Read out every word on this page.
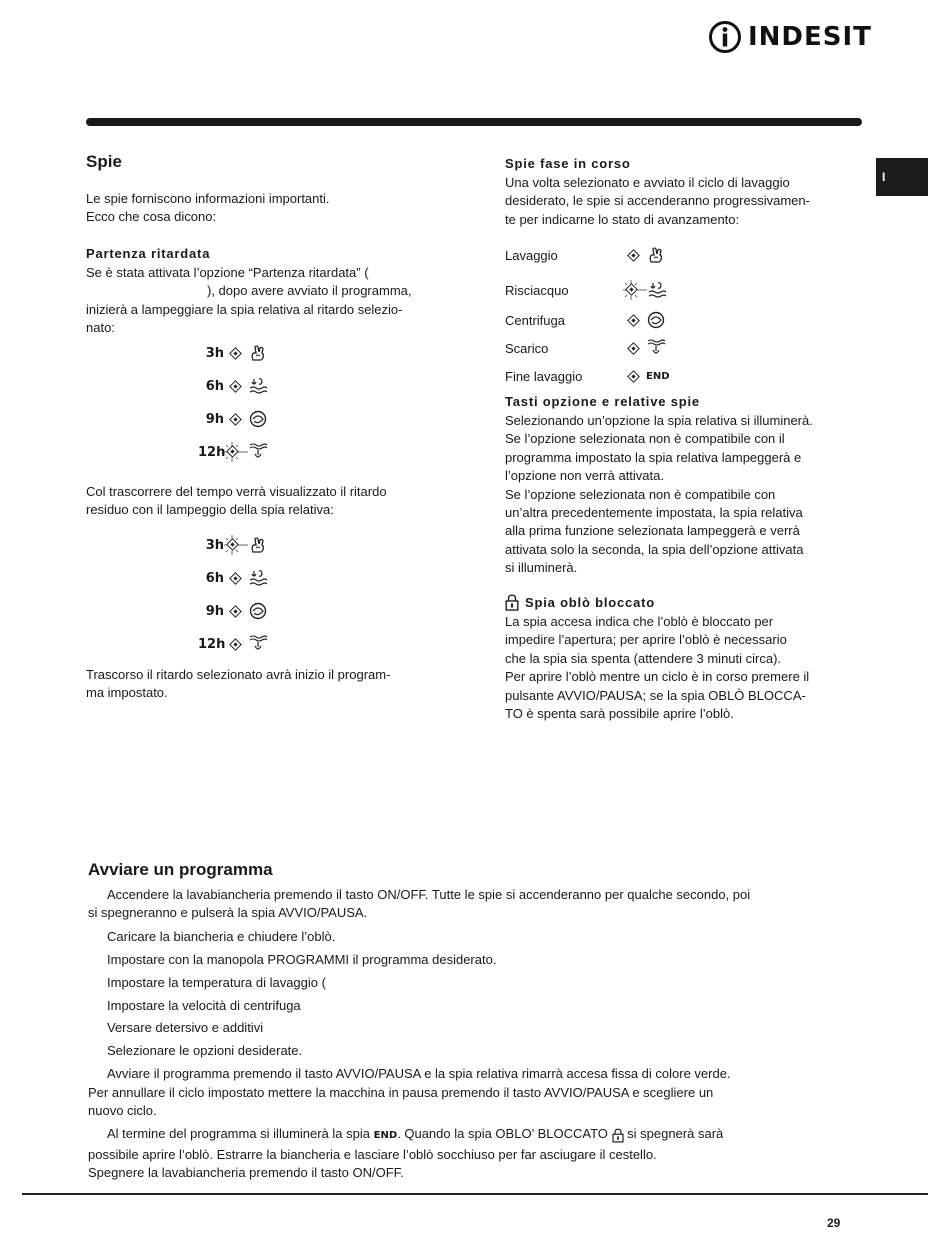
INDESIT
I
Spie

Le spie forniscono informazioni importanti.

Ecco che cosa dicono:

Partenza ritardata

Se è stata attivata l’opzione “Partenza ritardata” (

), dopo avere avviato il programma,

inizierà a lampeggiare la spia relativa al ritardo selezio-

nato:

3h
6h
9h
12h

Col trascorrere del tempo verrà visualizzato il ritardo

residuo con il lampeggio della spia relativa:

3h
6h
9h
12h

Trascorso il ritardo selezionato avrà inizio il program-

ma impostato.

Spie fase in corso

Una volta selezionato e avviato il ciclo di lavaggio

desiderato, le spie si accenderanno progressivamen-

te per indicarne lo stato di avanzamento:

Lavaggio
Risciacquo
Centrifuga
Scarico
Fine lavaggio	END

Tasti opzione e relative spie

Selezionando un’opzione la spia relativa si illuminerà.

Se l’opzione selezionata non è compatibile con il

programma impostato la spia relativa lampeggerà e

l’opzione non verrà attivata.

Se l’opzione selezionata non è compatibile con

un’altra precedentemente impostata, la spia relativa

alla prima funzione selezionata lampeggerà e verrà

attivata solo la seconda, la spia dell’opzione attivata

si illuminerà.

Spia oblò bloccato

La spia accesa indica che l’oblò è bloccato per

impedire l’apertura; per aprire l’oblò è necessario

che la spia sia spenta (attendere 3 minuti circa).

Per aprire l’oblò mentre un ciclo è in corso premere il

pulsante AVVIO/PAUSA; se la spia OBLÒ BLOCCA-

TO è spenta sarà possibile aprire l’oblò.

Avviare un programma

Accendere la lavabiancheria premendo il tasto ON/OFF. Tutte le spie si accenderanno per qualche secondo, poi

si spegneranno e pulserà la spia AVVIO/PAUSA.

Caricare la biancheria e chiudere l’oblò.

Impostare con la manopola PROGRAMMI il programma desiderato.

Impostare la temperatura di lavaggio (

Impostare la velocità di centrifuga

Versare detersivo e additivi

Selezionare le opzioni desiderate.

Avviare il programma premendo il tasto AVVIO/PAUSA e la spia relativa rimarrà accesa fissa di colore verde.

Per annullare il ciclo impostato mettere la macchina in pausa premendo il tasto AVVIO/PAUSA e scegliere un

nuovo ciclo.

Al termine del programma si illuminerà la spia END. Quando la spia OBLO’ BLOCCATO si spegnerà sarà

possibile aprire l’oblò. Estrarre la biancheria e lasciare l’oblò socchiuso per far asciugare il cestello.

Spegnere la lavabiancheria premendo il tasto ON/OFF.

29
